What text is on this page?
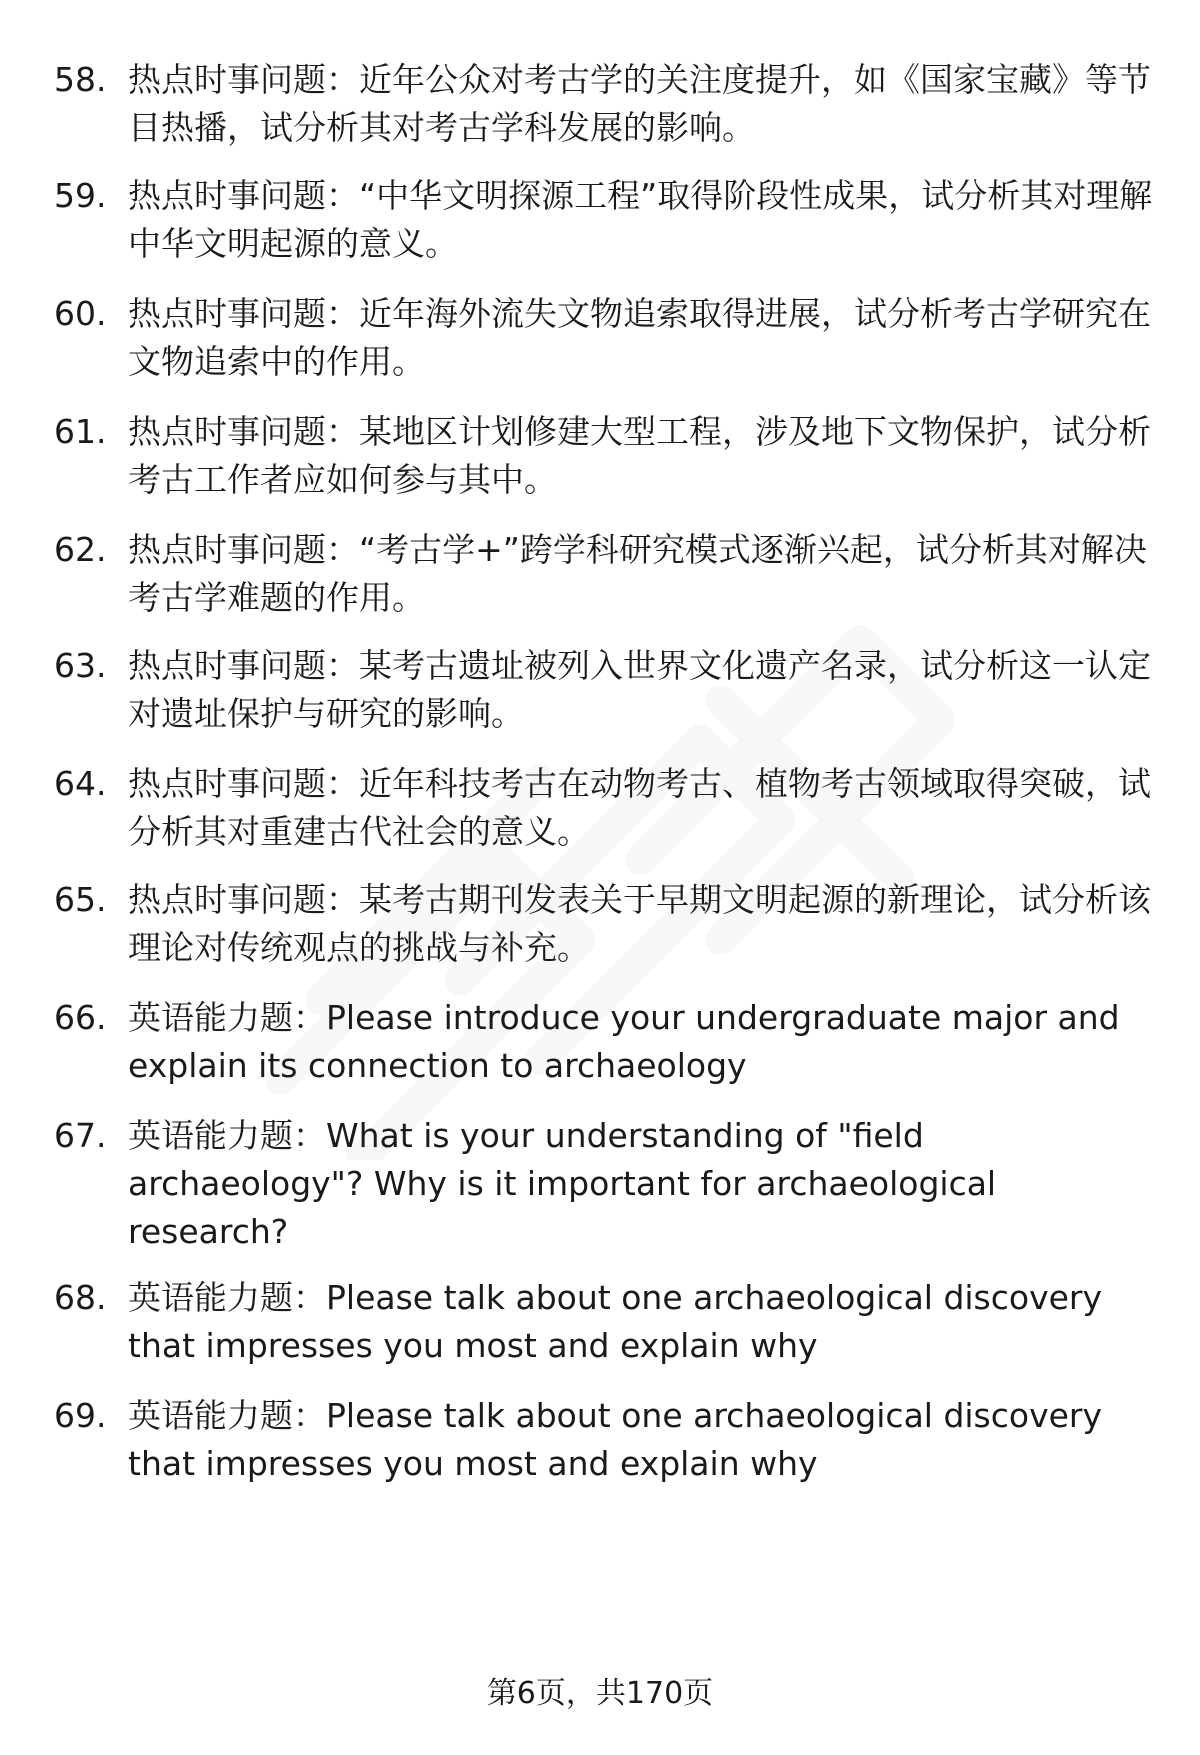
58. 热点时事问题：近年公众对考古学的关注度提升，如《国家宝藏》等节目热播，试分析其对考古学科发展的影响。
59. 热点时事问题：“中华文明探源工程”取得阶段性成果，试分析其对理解中华文明起源的意义。
60. 热点时事问题：近年海外流失文物追索取得进展，试分析考古学研究在文物追索中的作用。
61. 热点时事问题：某地区计划修建大型工程，涉及地下文物保护，试分析考古工作者应如何参与其中。
62. 热点时事问题：“考古学+”跨学科研究模式逐渐兴起，试分析其对解决考古学难题的作用。
63. 热点时事问题：某考古遗址被列入世界文化遗产名录，试分析这一认定对遗址保护与研究的影响。
64. 热点时事问题：近年科技考古在动物考古、植物考古领域取得突破，试分析其对重建古代社会的意义。
65. 热点时事问题：某考古期刊发表关于早期文明起源的新理论，试分析该理论对传统观点的挑战与补充。
66. 英语能力题：Please introduce your undergraduate major and explain its connection to archaeology
67. 英语能力题：What is your understanding of "field archaeology"? Why is it important for archaeological research?
68. 英语能力题：Please talk about one archaeological discovery that impresses you most and explain why
69. 英语能力题：Please talk about one archaeological discovery that impresses you most and explain why
第6页，共170页
